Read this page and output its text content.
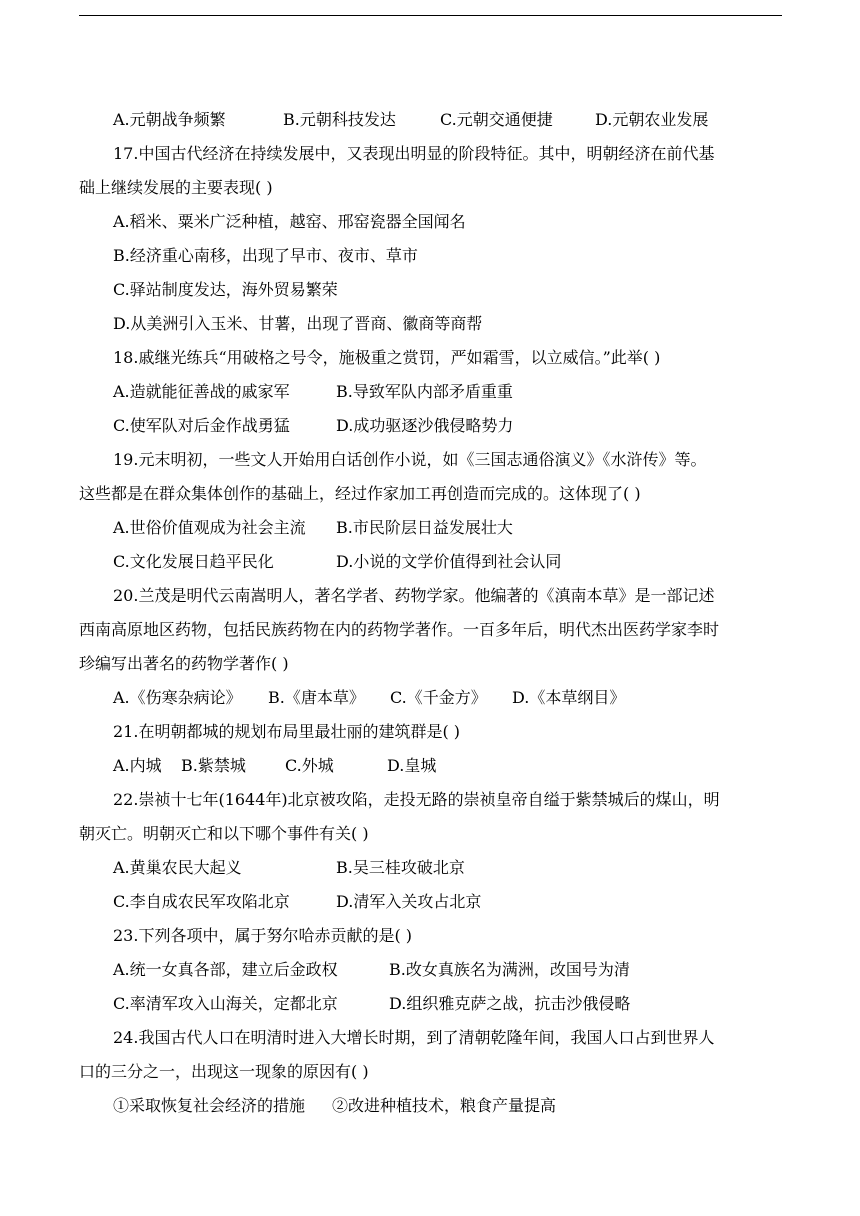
A.元朝战争频繁	B.元朝科技发达	C.元朝交通便捷	D.元朝农业发展
17.中国古代经济在持续发展中，又表现出明显的阶段特征。其中，明朝经济在前代基
础上继续发展的主要表现( )
A.稻米、粟米广泛种植，越窑、邢窑瓷器全国闻名
B.经济重心南移，出现了早市、夜市、草市
C.驿站制度发达，海外贸易繁荣
D.从美洲引入玉米、甘薯，出现了晋商、徽商等商帮
18.戚继光练兵“用破格之号令，施极重之赏罚，严如霜雪，以立威信。”此举( )
A.造就能征善战的戚家军	B.导致军队内部矛盾重重
C.使军队对后金作战勇猛	D.成功驱逐沙俄侵略势力
19.元末明初，一些文人开始用白话创作小说，如《三国志通俗演义》《水浒传》等。
这些都是在群众集体创作的基础上，经过作家加工再创造而完成的。这体现了( )
A.世俗价值观成为社会主流	B.市民阶层日益发展壮大
C.文化发展日趋平民化	D.小说的文学价值得到社会认同
20.兰茂是明代云南嵩明人，著名学者、药物学家。他编著的《滇南本草》是一部记述
西南高原地区药物，包括民族药物在内的药物学著作。一百多年后，明代杰出医药学家李时
珍编写出著名的药物学著作( )
A.《伤寒杂病论》	B.《唐本草》	C.《千金方》	D.《本草纲目》
21.在明朝都城的规划布局里最壮丽的建筑群是( )
A.内城	B.紫禁城	C.外城	D.皇城
22.崇祯十七年(1644年)北京被攻陷，走投无路的崇祯皇帝自缢于紫禁城后的煤山，明
朝灭亡。明朝灭亡和以下哪个事件有关( )
A.黄巢农民大起义	B.吴三桂攻破北京
C.李自成农民军攻陷北京	D.清军入关攻占北京
23.下列各项中，属于努尔哈赤贡献的是( )
A.统一女真各部，建立后金政权	B.改女真族名为满洲，改国号为清
C.率清军攻入山海关，定都北京	D.组织雅克萨之战，抗击沙俄侵略
24.我国古代人口在明清时进入大增长时期，到了清朝乾隆年间，我国人口占到世界人
口的三分之一，出现这一现象的原因有( )
①采取恢复社会经济的措施	②改进种植技术，粮食产量提高
